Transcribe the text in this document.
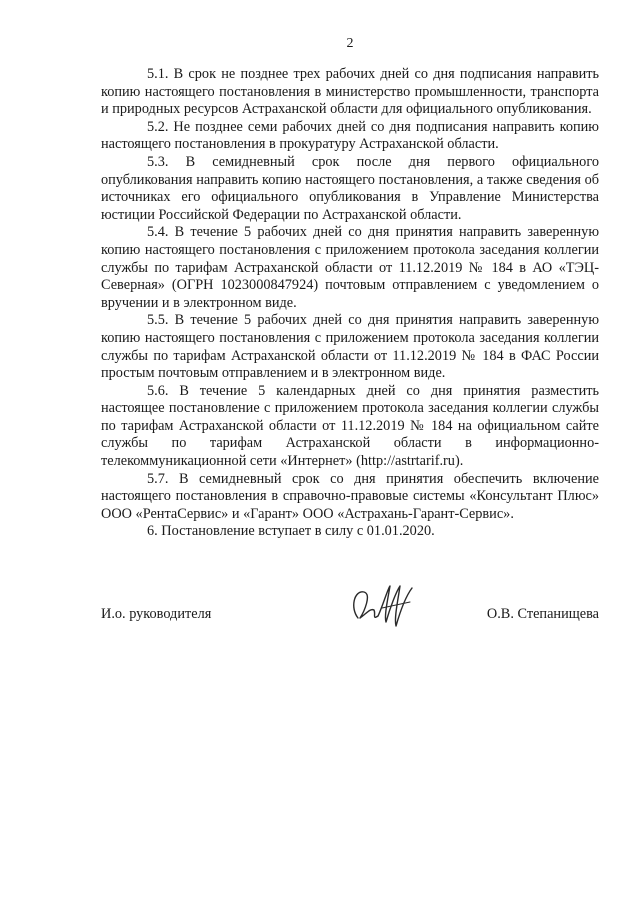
2

5.1. В срок не позднее трех рабочих дней со дня подписания направить копию настоящего постановления в министерство промышленности, транспорта и природных ресурсов Астраханской области для официального опубликования.

5.2. Не позднее семи рабочих дней со дня подписания направить копию настоящего постановления в прокуратуру Астраханской области.

5.3. В семидневный срок после дня первого официального опубликования направить копию настоящего постановления, а также сведения об источниках его официального опубликования в Управление Министерства юстиции Российской Федерации по Астраханской области.

5.4. В течение 5 рабочих дней со дня принятия направить заверенную копию настоящего постановления с приложением протокола заседания коллегии службы по тарифам Астраханской области от 11.12.2019 № 184 в АО «ТЭЦ-Северная» (ОГРН 1023000847924) почтовым отправлением с уведомлением о вручении и в электронном виде.

5.5. В течение 5 рабочих дней со дня принятия направить заверенную копию настоящего постановления с приложением протокола заседания коллегии службы по тарифам Астраханской области от 11.12.2019 № 184 в ФАС России простым почтовым отправлением и в электронном виде.

5.6. В течение 5 календарных дней со дня принятия разместить настоящее постановление с приложением протокола заседания коллегии службы по тарифам Астраханской области от 11.12.2019 № 184 на официальном сайте службы по тарифам Астраханской области в информационно-телекоммуникационной сети «Интернет» (http://astrtarif.ru).

5.7. В семидневный срок со дня принятия обеспечить включение настоящего постановления в справочно-правовые системы «Консультант Плюс» ООО «РентаСервис» и «Гарант» ООО «Астрахань-Гарант-Сервис».

6. Постановление вступает в силу с 01.01.2020.

И.о. руководителя	О.В. Степанищева
